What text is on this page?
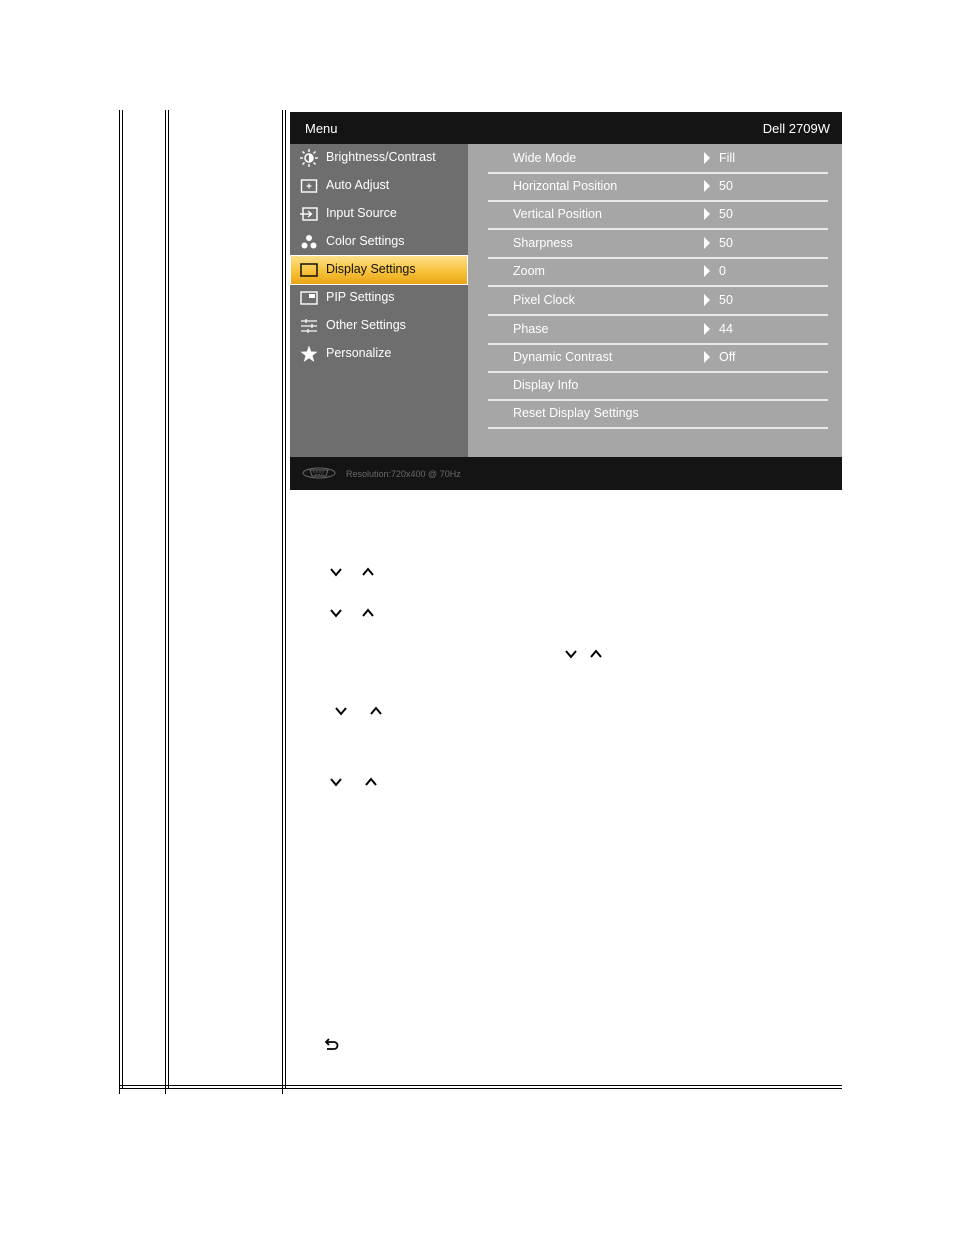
Menu	Dell 2709W
Brightness/Contrast
Auto Adjust
Input Source
Color Settings
Display Settings
PIP Settings
Other Settings
Personalize
Wide Mode	Fill
Horizontal Position	50
Vertical Position	50
Sharpness	50
Zoom	0
Pixel Clock	50
Phase	44
Dynamic Contrast	Off
Display Info
Reset Display Settings
Resolution:720x400 @ 70Hz
